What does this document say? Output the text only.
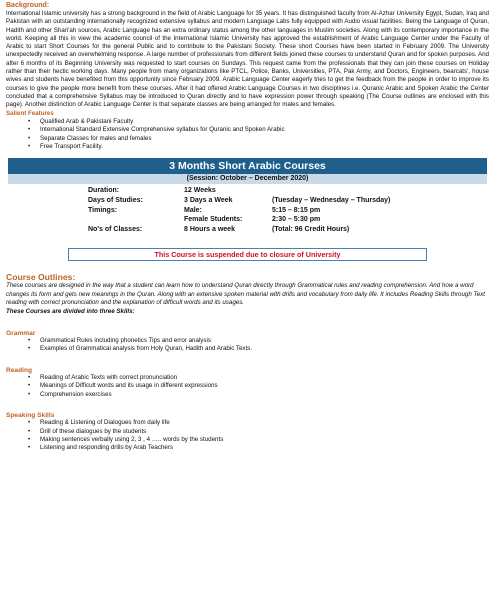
Background:

International Islamic university has a strong background in the field of Arabic Language for 35 years. It has distinguished faculty from Al-Azhar University Egypt, Sudan, Iraq and Pakistan with an outstanding internationally recognized extensive syllabus and modern Language Labs fully equipped with Audio visual facilities. Being the Language of Quran, Hadith and other Shari'ah sources, Arabic Language has an extra ordinary status among the other languages in Muslim societies. Along with its contemporary importance in the world. Keeping all this in view the academic council of the International Islamic University has approved the establishment of Arabic Language Center under the Faculty of Arabic to start Short Courses for the general Public and to contribute to the Pakistani Society. These short Courses have been started in February 2009. The University unexpectedly received an overwhelming response. A large number of professionals from different fields joined these courses to understand Quran and for spoken purposes. And after 6 months of its Beginning University was requested to start courses on Sundays. This request came from the professionals that they can join these courses on Holiday rather than their hectic working days. Many people from many organizations like PTCL, Police, Banks, Universities, PTA, Pak Army, and Doctors, Engineers, bearcats', house wives and students have benefited from this opportunity since February 2009. Arabic Language Center eagerly tries to get the feedback from the people in order to improve its courses to give the people more benefit from these courses. After it had offered Arabic Language Courses in two disciplines i.e. Quranic Arabic and Spoken Arabic the Center concluded that a comprehensive Syllabus may be introduced to Quran directly and to have expression power through speaking (The Course outlines are enclosed with this page). Another distinction of Arabic Language Center is that separate classes are being arranged for males and females.

Salient Features
• Qualified Arab & Pakistani Faculty
• International Standard Extensive Comprehensive syllabus for Quranic and Spoken Arabic
• Separate Classes for males and females
• Free Transport Facility.
3 Months Short Arabic Courses
(Session: October – December 2020)
Duration:	12 Weeks	
Days of Studies:	3 Days a Week	(Tuesday – Wednesday – Thursday)
Timings:	Male:	5:15 – 8:15 pm
	Female Students:	2:30 – 5:30 pm
No's of Classes:	8 Hours a week	(Total: 96 Credit Hours)
This Course is suspended due to closure of University
Course Outlines:

These courses are designed in the way that a student can learn how to understand Quran directly through Grammatical rules and reading comprehension. And how a word changes its form and gets new meanings in the Quran. Along with an extensive spoken material with drills and vocabulary from daily life. It includes Reading Skills through Text reading with correct pronunciation and the explanation of difficult words and its usages.

These Courses are divided into three Skills:

Grammar
• Grammatical Rules including phonetics Tips and error analysis
• Examples of Grammatical analysis from Holy Quran, Hadith and Arabic Texts.
Reading
• Reading of Arabic Texts with correct pronunciation
• Meanings of Difficult words and its usage in different expressions
• Comprehension exercises
Speaking Skills
• Reading & Listening of Dialogues from daily life
• Drill of these dialogues by the students
• Making sentences verbally using 2, 3 , 4 ….. words by the students
• Listening and responding drills by Arab Teachers
